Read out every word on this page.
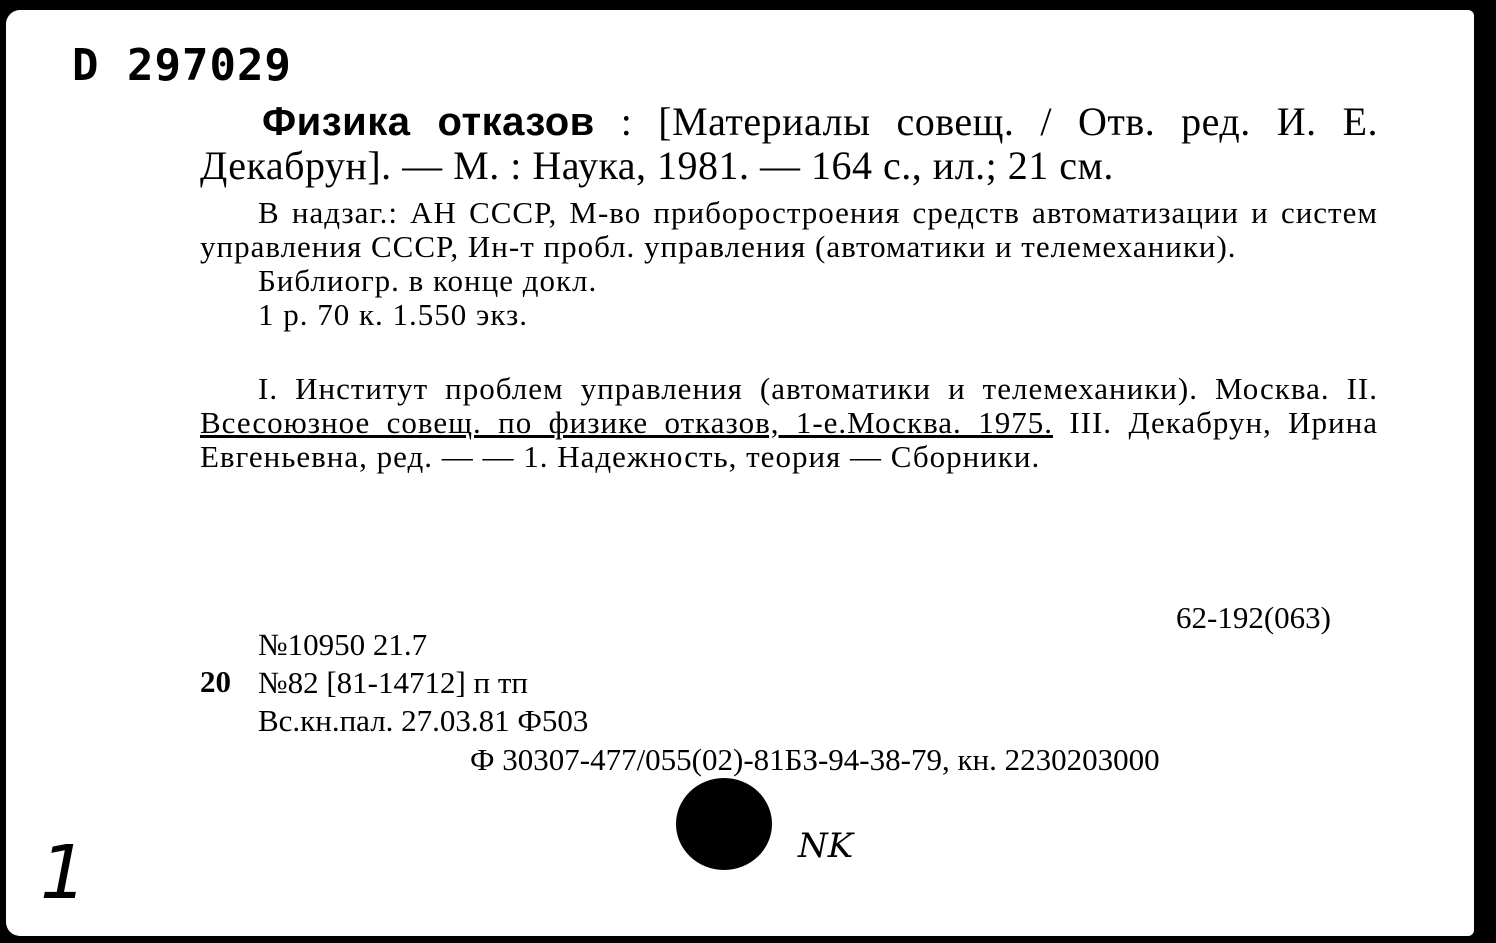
D 297029

Физика отказов : [Материалы совещ. / Отв. ред. И. Е. Декабрун]. — М. : Наука, 1981. — 164 с., ил.; 21 см.

В надзаг.: АН СССР, М-во приборостроения средств автоматизации и систем управления СССР, Ин-т пробл. управления (автоматики и телемеханики).

Библиогр. в конце докл.

1 р. 70 к. 1.550 экз.

I. Институт проблем управления (автоматики и телемеханики). Москва. II. Всесоюзное совещ. по физике отказов, 1-е.Москва. 1975. III. Декабрун, Ирина Евгеньевна, ред. — — 1. Надежность, теория — Сборники.

62-192(063)
№10950 21.7
№82 [81-14712] п тп
Вс.кн.пал. 27.03.81 Ф503
20
Ф 30307-477/055(02)-81БЗ-94-38-79, кн. 2230203000
NK
1
